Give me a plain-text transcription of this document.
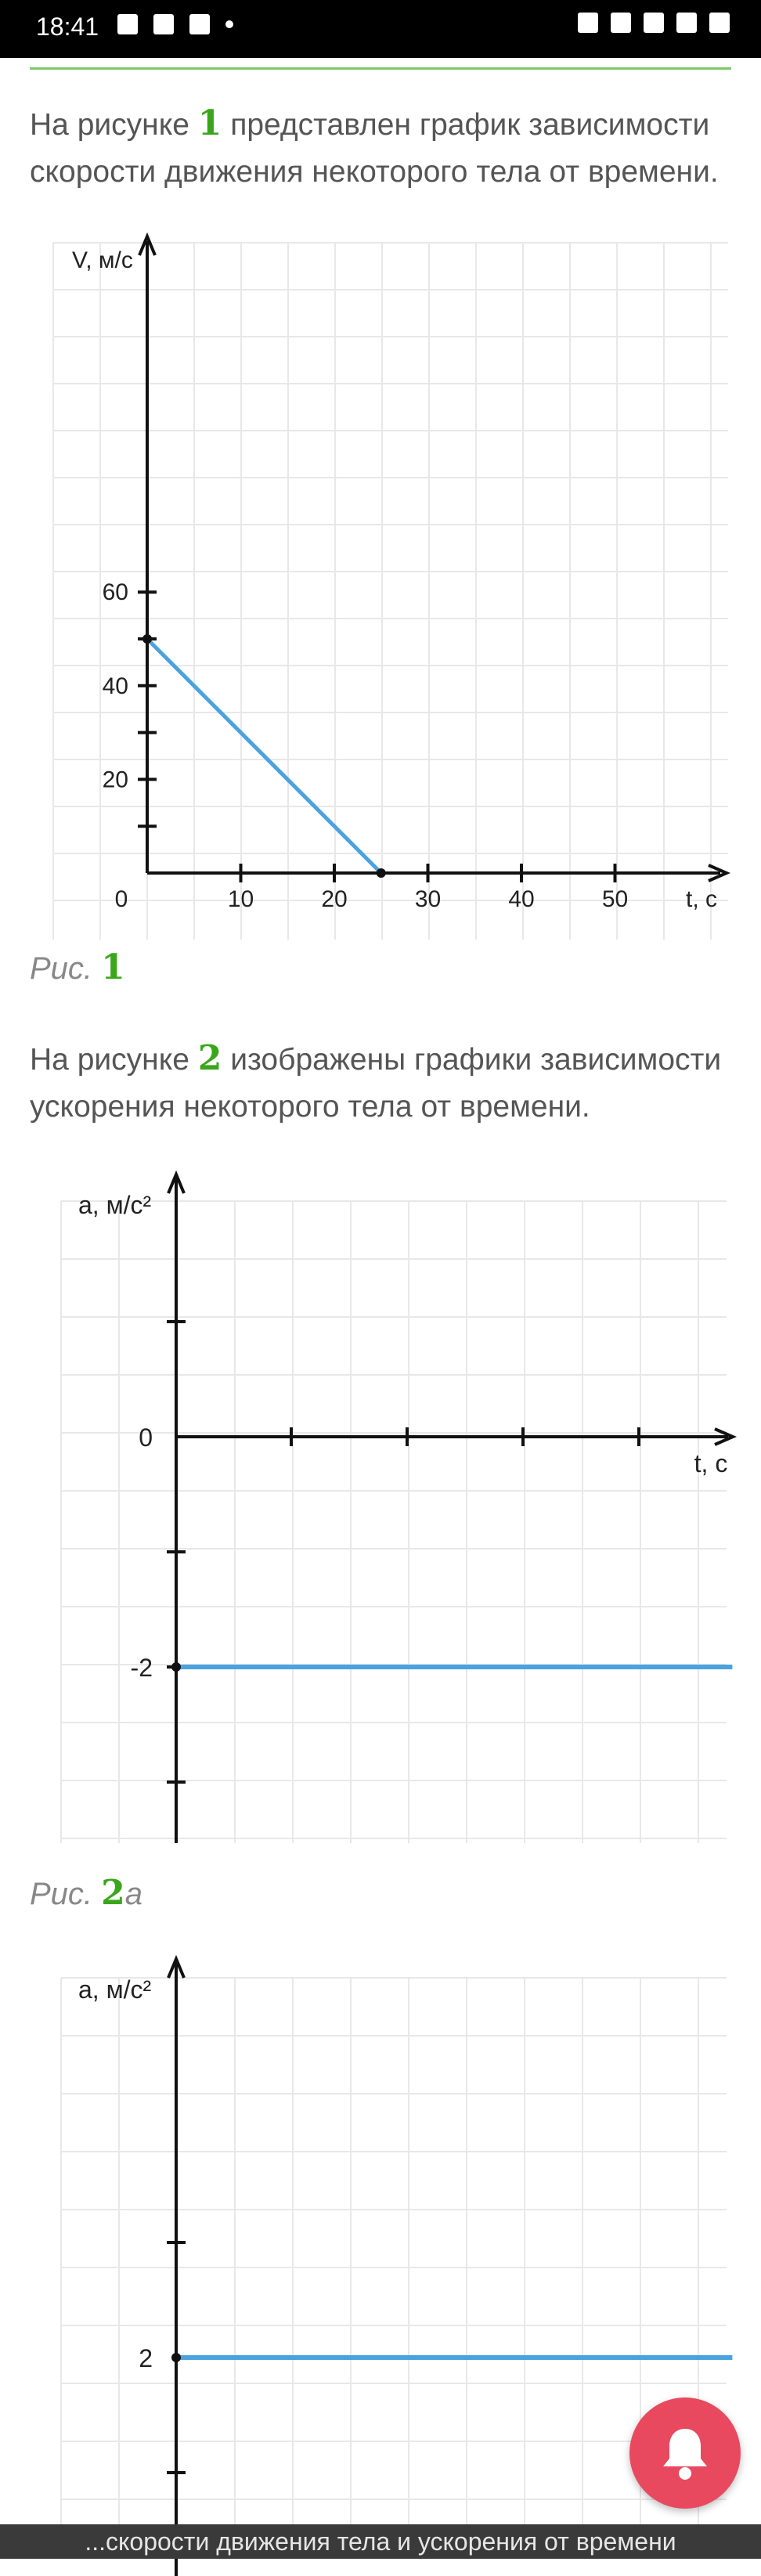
18:41
На рисунке 1 представлен график зависимости скорости движения некоторого тела от времени.
0	10	20	30	40	50
20
40
60
t, c
V, м/с
Рис. 1
На рисунке 2 изображены графики зависимости ускорения некоторого тела от времени.
0
-2
t, c
a, м/с²
Рис. 2а
2
a, м/с²
...скорости движения тела и ускорения от времени
